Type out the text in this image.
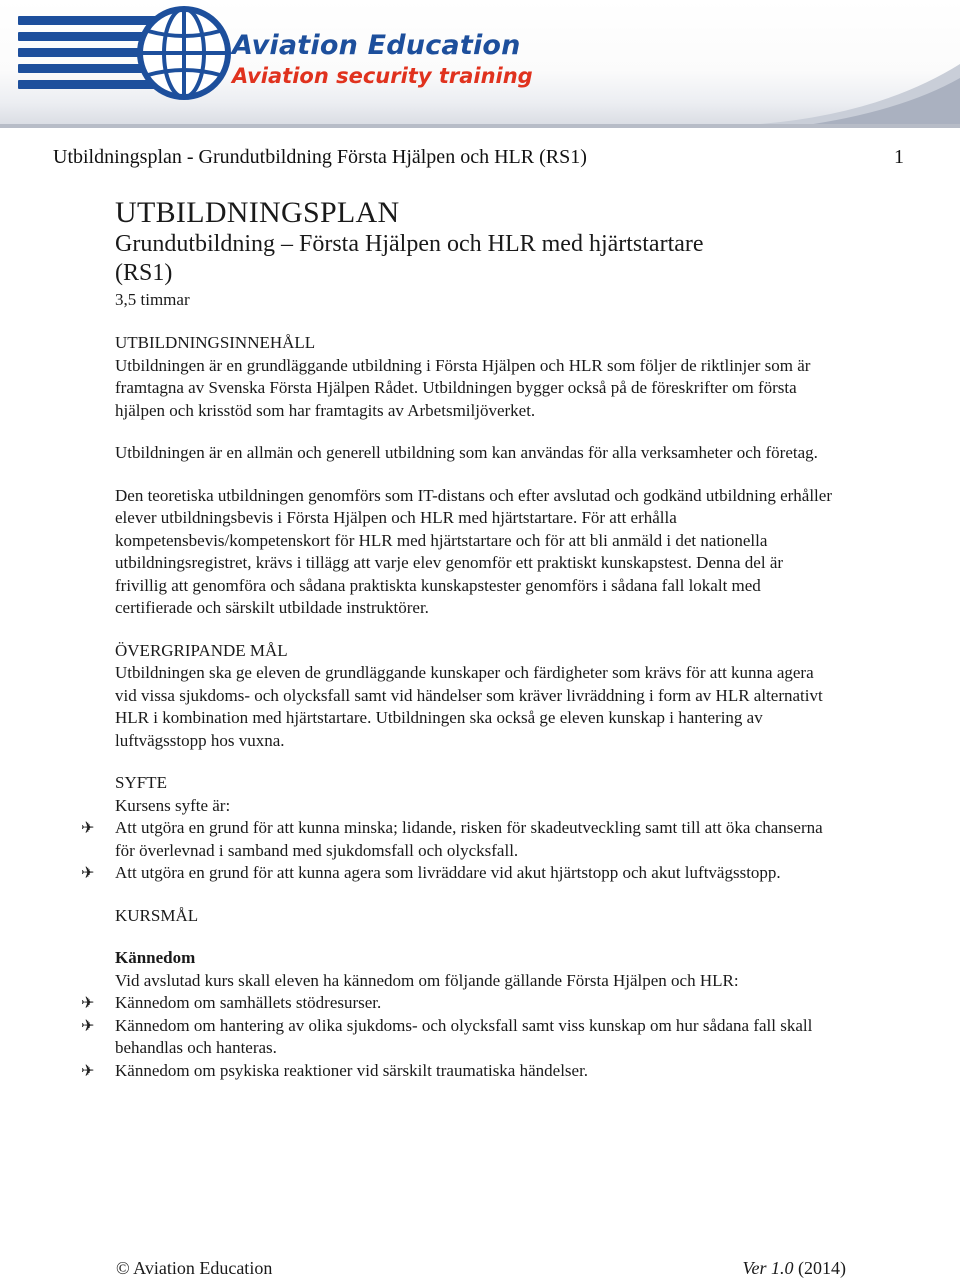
Aviation Education
Aviation security training
Utbildningsplan - Grundutbildning Första Hjälpen och HLR (RS1)	1
UTBILDNINGSPLAN
Grundutbildning – Första Hjälpen och HLR med hjärtstartare
(RS1)
3,5 timmar
UTBILDNINGSINNEHÅLL

Utbildningen är en grundläggande utbildning i Första Hjälpen och HLR som följer de riktlinjer som är framtagna av Svenska Första Hjälpen Rådet. Utbildningen bygger också på de föreskrifter om första hjälpen och krisstöd som har framtagits av Arbetsmiljöverket.

Utbildningen är en allmän och generell utbildning som kan användas för alla verksamheter och företag.

Den teoretiska utbildningen genomförs som IT-distans och efter avslutad och godkänd utbildning erhåller elever utbildningsbevis i Första Hjälpen och HLR med hjärtstartare. För att erhålla kompetensbevis/kompetenskort för HLR med hjärtstartare och för att bli anmäld i det nationella utbildningsregistret, krävs i tillägg att varje elev genomför ett praktiskt kunskapstest. Denna del är frivillig att genomföra och sådana praktiskta kunskapstester genomförs i sådana fall lokalt med certifierade och särskilt utbildade instruktörer.

ÖVERGRIPANDE MÅL

Utbildningen ska ge eleven de grundläggande kunskaper och färdigheter som krävs för att kunna agera vid vissa sjukdoms- och olycksfall samt vid händelser som kräver livräddning i form av HLR alternativt HLR i kombination med hjärtstartare. Utbildningen ska också ge eleven kunskap i hantering av luftvägsstopp hos vuxna.

SYFTE

Kursens syfte är:

✈	Att utgöra en grund för att kunna minska; lidande, risken för skadeutveckling samt till att öka chanserna för överlevnad i samband med sjukdomsfall och olycksfall.
✈	Att utgöra en grund för att kunna agera som livräddare vid akut hjärtstopp och akut luftvägsstopp.
KURSMÅL
Kännedom

Vid avslutad kurs skall eleven ha kännedom om följande gällande Första Hjälpen och HLR:

✈	Kännedom om samhällets stödresurser.
✈	Kännedom om hantering av olika sjukdoms- och olycksfall samt viss kunskap om hur sådana fall skall behandlas och hanteras.
✈	Kännedom om psykiska reaktioner vid särskilt traumatiska händelser.
© Aviation Education	Ver 1.0 (2014)
